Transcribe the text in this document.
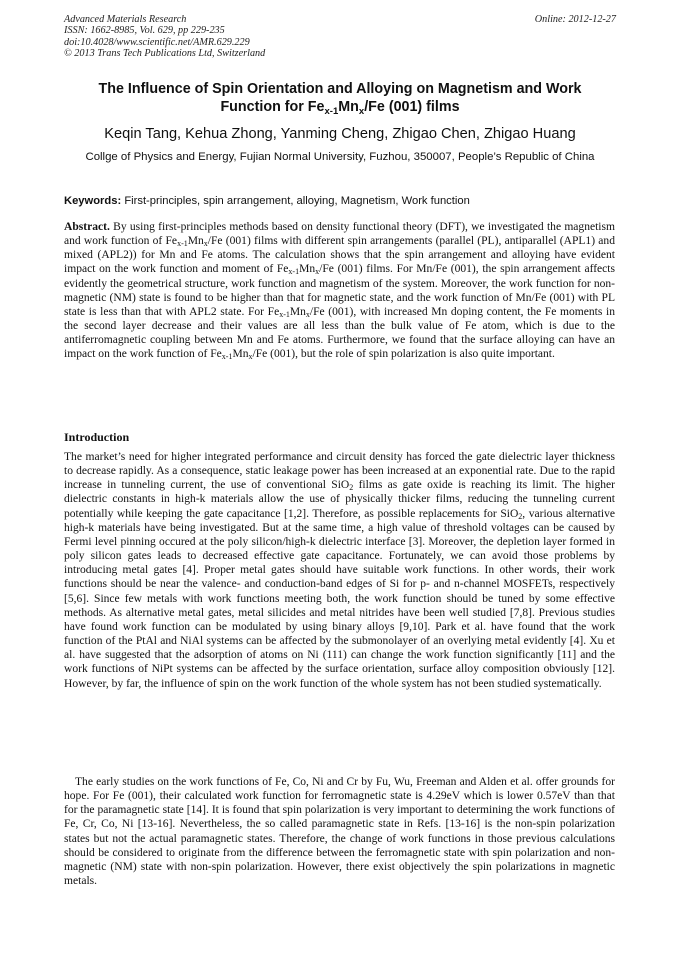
Advanced Materials Research	Online: 2012-12-27
ISSN: 1662-8985, Vol. 629, pp 229-235
doi:10.4028/www.scientific.net/AMR.629.229
© 2013 Trans Tech Publications Ltd, Switzerland
The Influence of Spin Orientation and Alloying on Magnetism and Work
Function for $Fe_{x-1}Mn_x/Fe$ (001) films
Keqin Tang, Kehua Zhong, Yanming Cheng, Zhigao Chen, Zhigao Huang
Collge of Physics and Energy, Fujian Normal University, Fuzhou, 350007, People’s Republic of China
Keywords: First-principles, spin arrangement, alloying, Magnetism, Work function
Abstract. By using first-principles methods based on density functional theory (DFT), we investigated the magnetism and work function of $Fe_{x-1}Mn_x/Fe$ (001) films with different spin arrangements (parallel (PL), antiparallel (APL1) and mixed (APL2)) for Mn and Fe atoms. The calculation shows that the spin arrangement and alloying have evident impact on the work function and moment of $Fe_{x-1}Mn_x/Fe$ (001) films. For Mn/Fe (001), the spin arrangement affects evidently the geometrical structure, work function and magnetism of the system. Moreover, the work function for non-magnetic (NM) state is found to be higher than that for magnetic state, and the work function of Mn/Fe (001) with PL state is less than that with APL2 state. For $Fe_{x-1}Mn_x/Fe$ (001), with increased Mn doping content, the Fe moments in the second layer decrease and their values are all less than the bulk value of Fe atom, which is due to the antiferromagnetic coupling between Mn and Fe atoms. Furthermore, we found that the surface alloying can have an impact on the work function of $Fe_{x-1}Mn_x/Fe$ (001), but the role of spin polarization is also quite important.
Introduction
The market’s need for higher integrated performance and circuit density has forced the gate dielectric layer thickness to decrease rapidly. As a consequence, static leakage power has been increased at an exponential rate. Due to the rapid increase in tunneling current, the use of conventional SiO$_2$ films as gate oxide is reaching its limit. The higher dielectric constants in high-k materials allow the use of physically thicker films, reducing the tunneling current potentially while keeping the gate capacitance [1,2]. Therefore, as possible replacements for SiO$_2$, various alternative high-k materials have being investigated. But at the same time, a high value of threshold voltages can be caused by Fermi level pinning occured at the poly silicon/high-k dielectric interface [3]. Moreover, the depletion layer formed in poly silicon gates leads to decreased effective gate capacitance. Fortunately, we can avoid those problems by introducing metal gates [4]. Proper metal gates should have suitable work functions. In other words, their work functions should be near the valence- and conduction-band edges of Si for p- and n-channel MOSFETs, respectively [5,6]. Since few metals with work functions meeting both, the work function should be tuned by some effective methods. As alternative metal gates, metal silicides and metal nitrides have been well studied [7,8]. Previous studies have found work function can be modulated by using binary alloys [9,10]. Park et al. have found that the work function of the PtAl and NiAl systems can be affected by the submonolayer of an overlying metal evidently [4]. Xu et al. have suggested that the adsorption of atoms on Ni (111) can change the work function significantly [11] and the work functions of NiPt systems can be affected by the surface orientation, surface alloy composition obviously [12]. However, by far, the influence of spin on the work function of the whole system has not been studied systematically.
The early studies on the work functions of Fe, Co, Ni and Cr by Fu, Wu, Freeman and Alden et al. offer grounds for hope. For Fe (001), their calculated work function for ferromagnetic state is 4.29eV which is lower 0.57eV than that for the paramagnetic state [14]. It is found that spin polarization is very important to determining the work functions of Fe, Cr, Co, Ni [13-16]. Nevertheless, the so called paramagnetic state in Refs. [13-16] is the non-spin polarization states but not the actual paramagnetic states. Therefore, the change of work functions in those previous calculations should be considered to originate from the difference between the ferromagnetic state with spin polarization and non-magnetic (NM) state with non-spin polarization. However, there exist objectively the spin polarizations in magnetic metals.
